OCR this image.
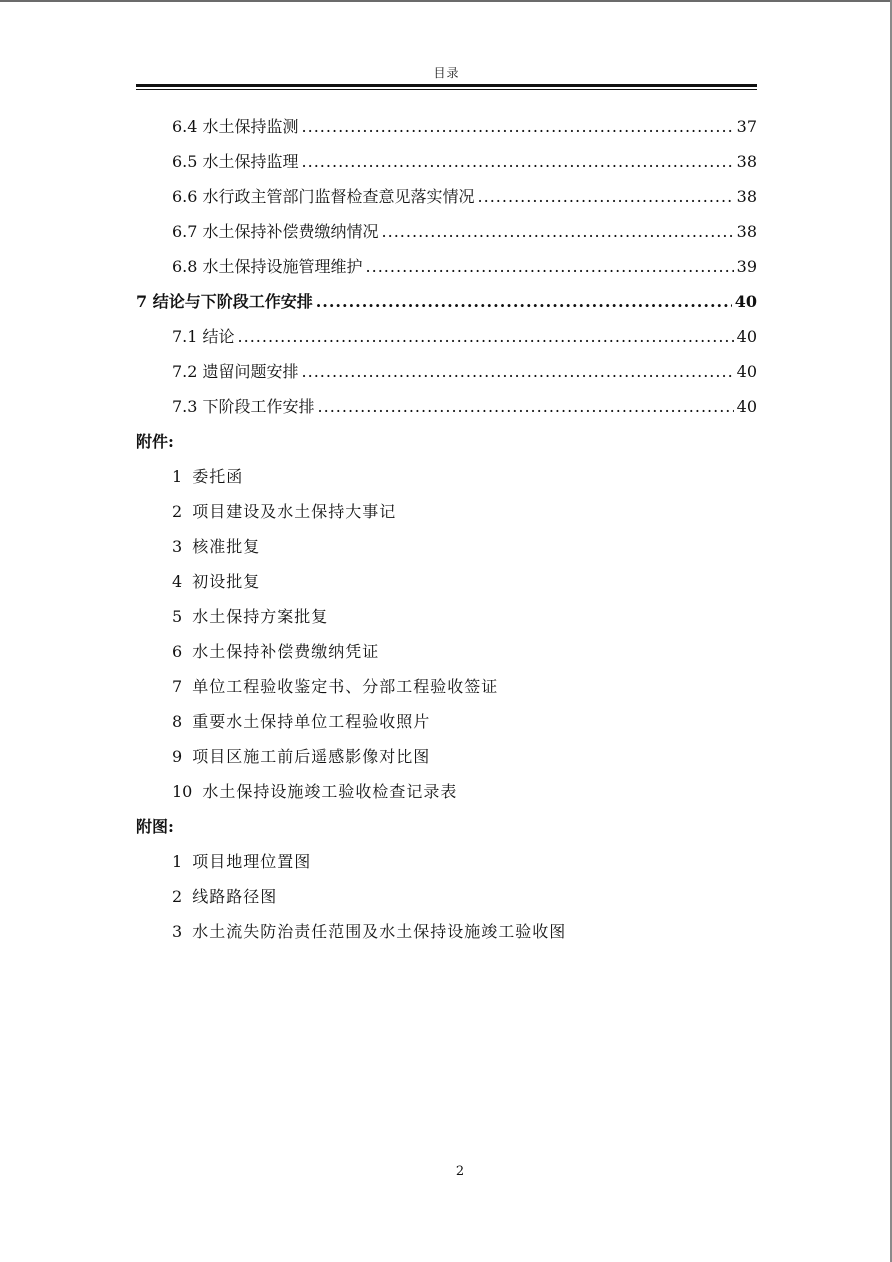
目录
6.4 水土保持监测 .....	37
6.5 水土保持监理 .....	38
6.6 水行政主管部门监督检查意见落实情况 .....	38
6.7 水土保持补偿费缴纳情况 .....	38
6.8 水土保持设施管理维护 .....	39
7 结论与下阶段工作安排 .....	40
7.1 结论 .....	40
7.2 遗留问题安排 .....	40
7.3 下阶段工作安排 .....	40
附件:
1 委托函
2 项目建设及水土保持大事记
3 核准批复
4 初设批复
5 水土保持方案批复
6 水土保持补偿费缴纳凭证
7 单位工程验收鉴定书、分部工程验收签证
8 重要水土保持单位工程验收照片
9 项目区施工前后遥感影像对比图
10 水土保持设施竣工验收检查记录表
附图:
1 项目地理位置图
2 线路路径图
3 水土流失防治责任范围及水土保持设施竣工验收图
2
